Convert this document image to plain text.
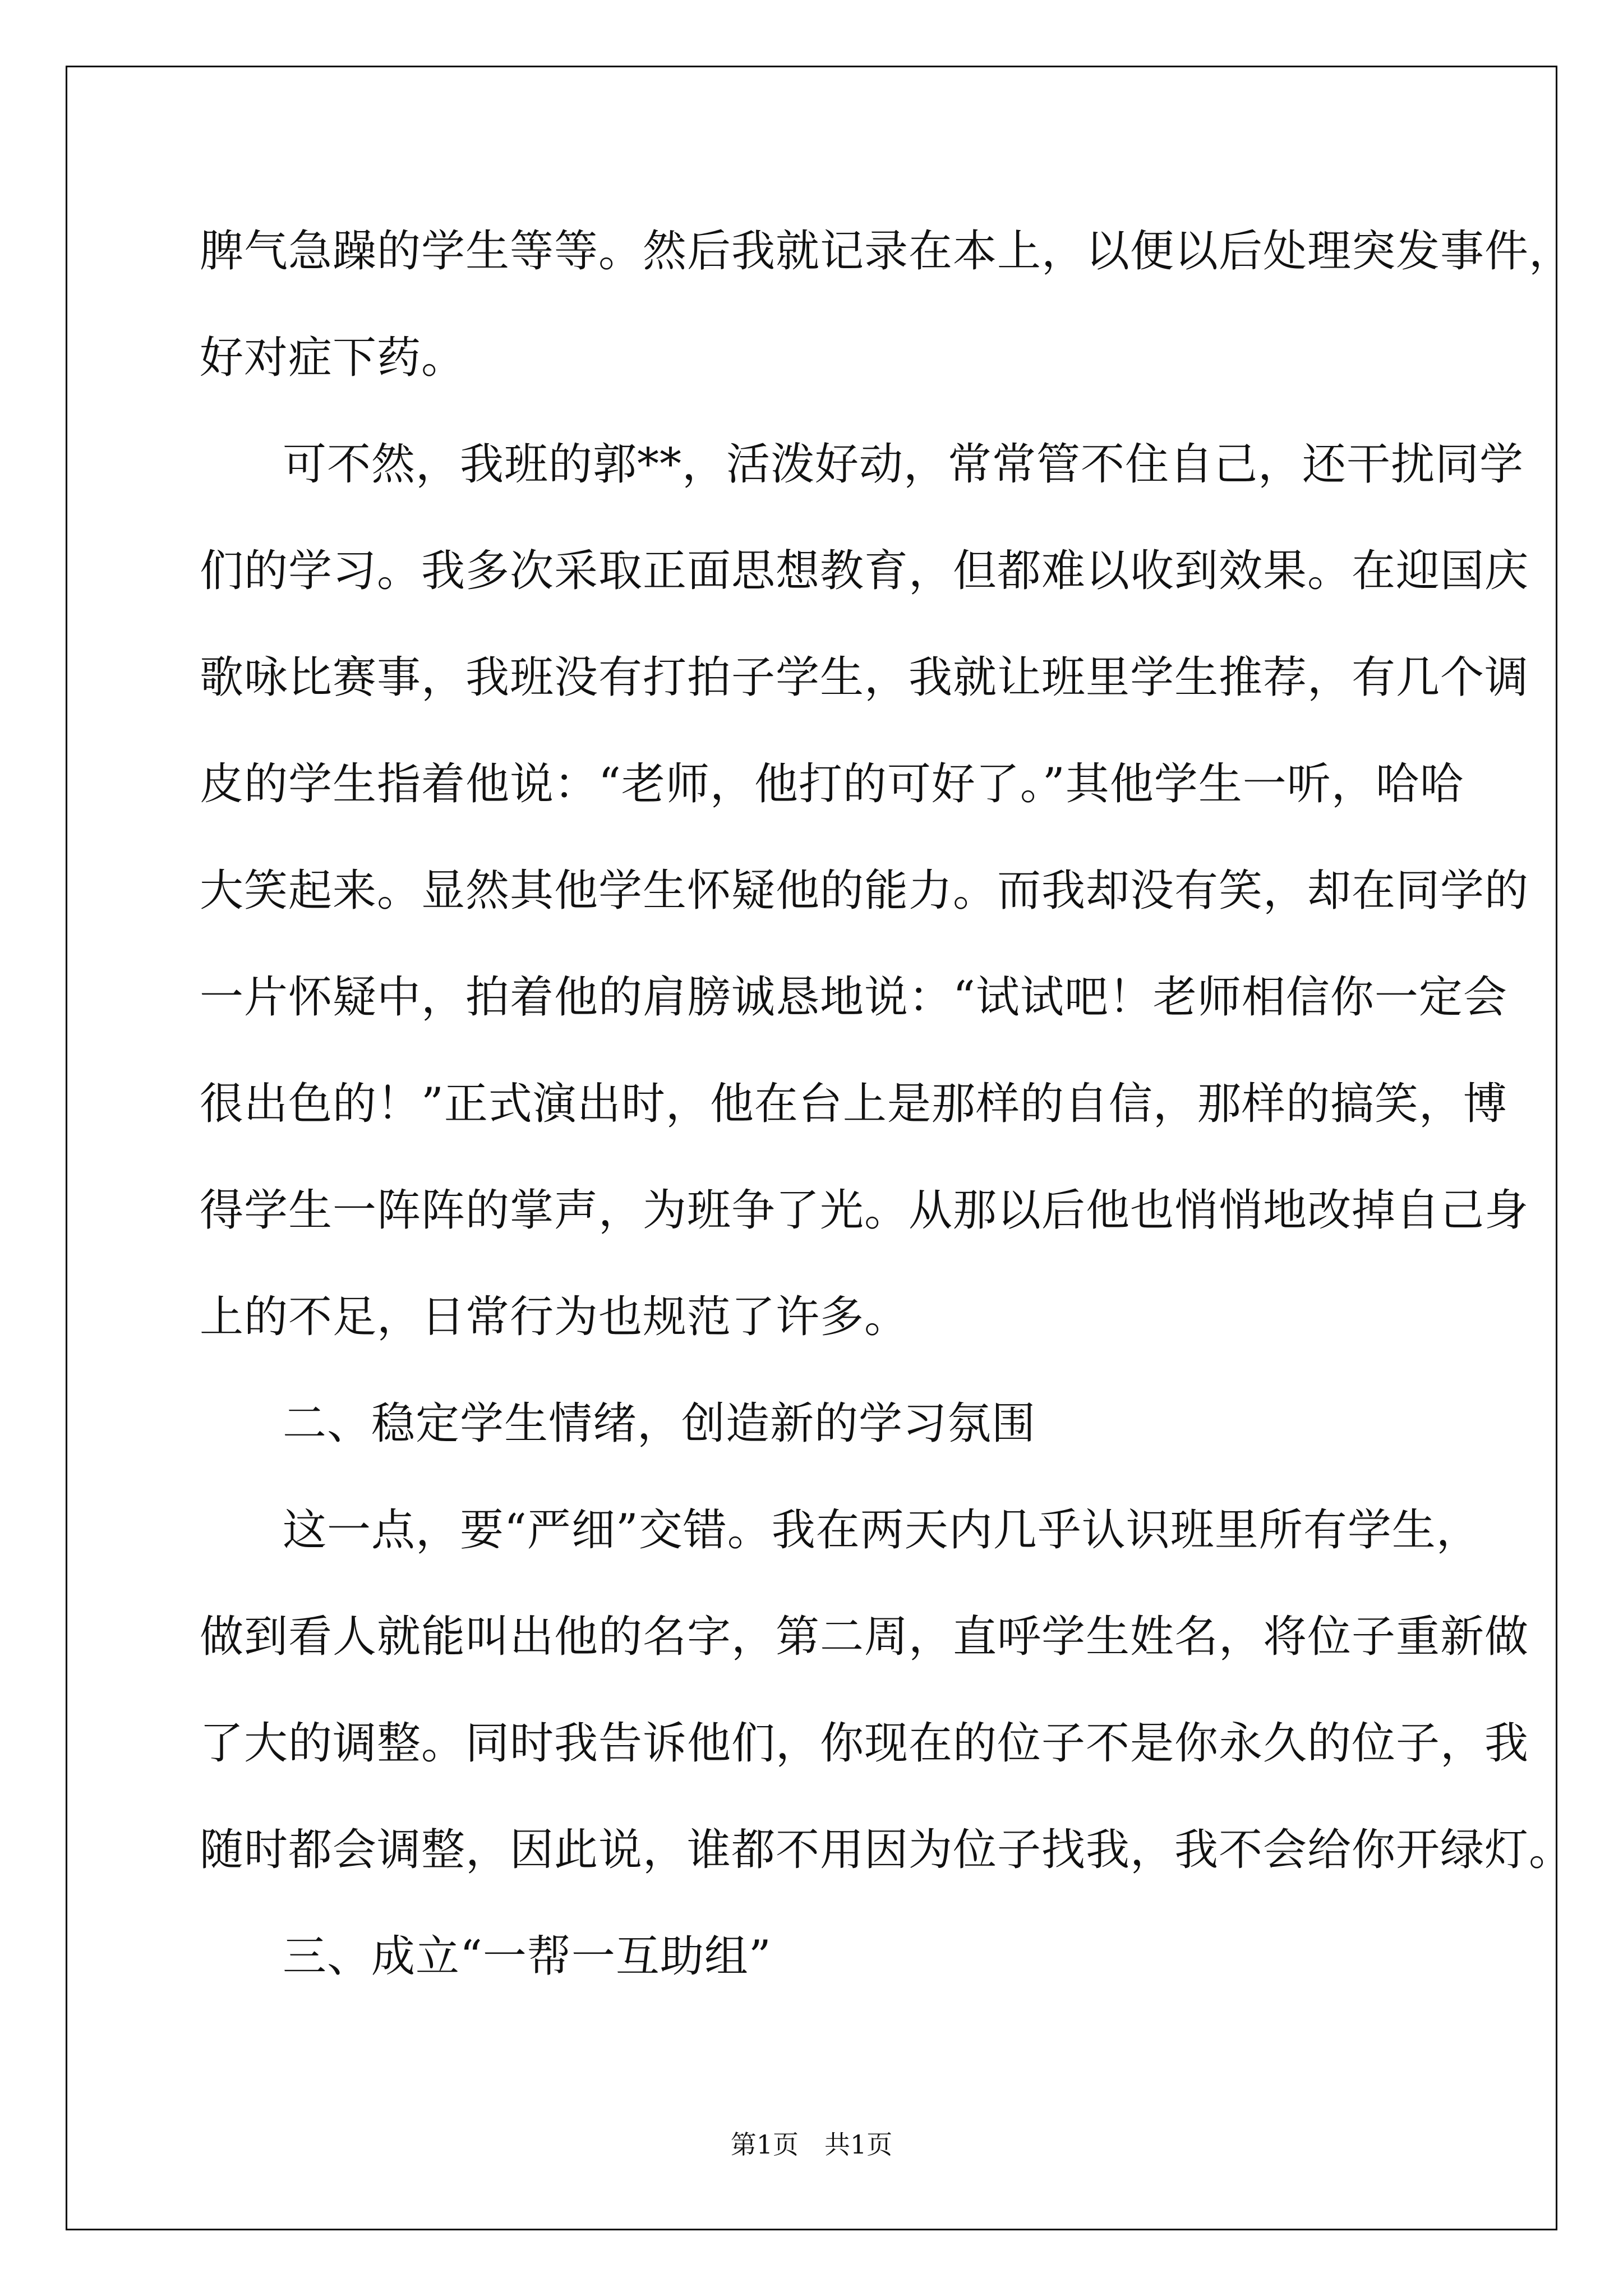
脾气急躁的学生等等。然后我就记录在本上，以便以后处理突发事件，
好对症下药。
可不然，我班的郭**，活泼好动，常常管不住自己，还干扰同学
们的学习。我多次采取正面思想教育，但都难以收到效果。在迎国庆
歌咏比赛事，我班没有打拍子学生，我就让班里学生推荐，有几个调
皮的学生指着他说：“老师，他打的可好了。”其他学生一听，哈哈
大笑起来。显然其他学生怀疑他的能力。而我却没有笑，却在同学的
一片怀疑中，拍着他的肩膀诚恳地说：“试试吧！老师相信你一定会
很出色的！”正式演出时，他在台上是那样的自信，那样的搞笑，博
得学生一阵阵的掌声，为班争了光。从那以后他也悄悄地改掉自己身
上的不足，日常行为也规范了许多。
二、稳定学生情绪，创造新的学习氛围
这一点，要“严细”交错。我在两天内几乎认识班里所有学生，
做到看人就能叫出他的名字，第二周，直呼学生姓名，将位子重新做
了大的调整。同时我告诉他们，你现在的位子不是你永久的位子，我
随时都会调整，因此说，谁都不用因为位子找我，我不会给你开绿灯。
三、成立“一帮一互助组”
第1页　共1页
